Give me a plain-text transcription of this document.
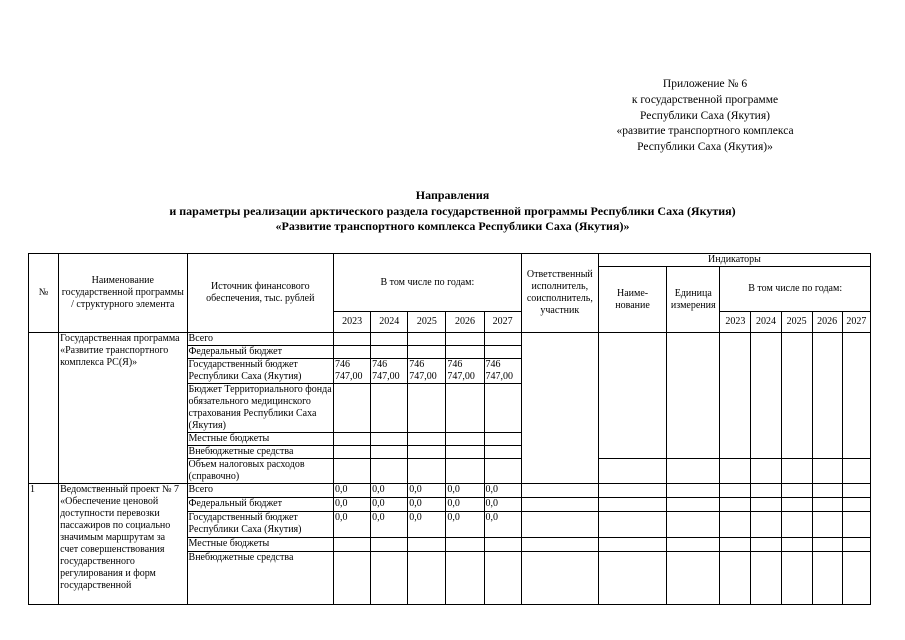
Приложение № 6
к государственной программе
Республики Саха (Якутия)
«развитие транспортного комплекса
Республики Саха (Якутия)»
Направления
и параметры реализации арктического раздела государственной программы Республики Саха (Якутия)
«Развитие транспортного комплекса Республики Саха (Якутия)»
№	Наименование государственной программы / структурного элемента	Источник финансового обеспечения, тыс. рублей	В том числе по годам:					Ответственный исполнитель, соисполнитель, участник	Индикаторы						
									Наиме-нование	Единица измерения	В том числе по годам:				
			2023	2024	2025	2026	2027				2023	2024	2025	2026	2027
	Государственная программа «Развитие транспортного комплекса РС(Я)»	Всего													
		Федеральный бюджет													
		Государственный бюджет Республики Саха (Якутия)	746 747,00	746 747,00	746 747,00	746 747,00	746 747,00								
		Бюджет Территориального фонда обязательного медицинского страхования Республики Саха (Якутия)													
		Местные бюджеты													
		Внебюджетные средства													
		Объем налоговых расходов (справочно)													
1	Ведомственный проект № 7 «Обеспечение ценовой доступности перевозки пассажиров по социально значимым маршрутам за счет совершенствования государственного регулирования и форм государственной	Всего	0,0	0,0	0,0	0,0	0,0								
		Федеральный бюджет	0,0	0,0	0,0	0,0	0,0								
		Государственный бюджет Республики Саха (Якутия)	0,0	0,0	0,0	0,0	0,0								
		Местные бюджеты													
		Внебюджетные средства													
